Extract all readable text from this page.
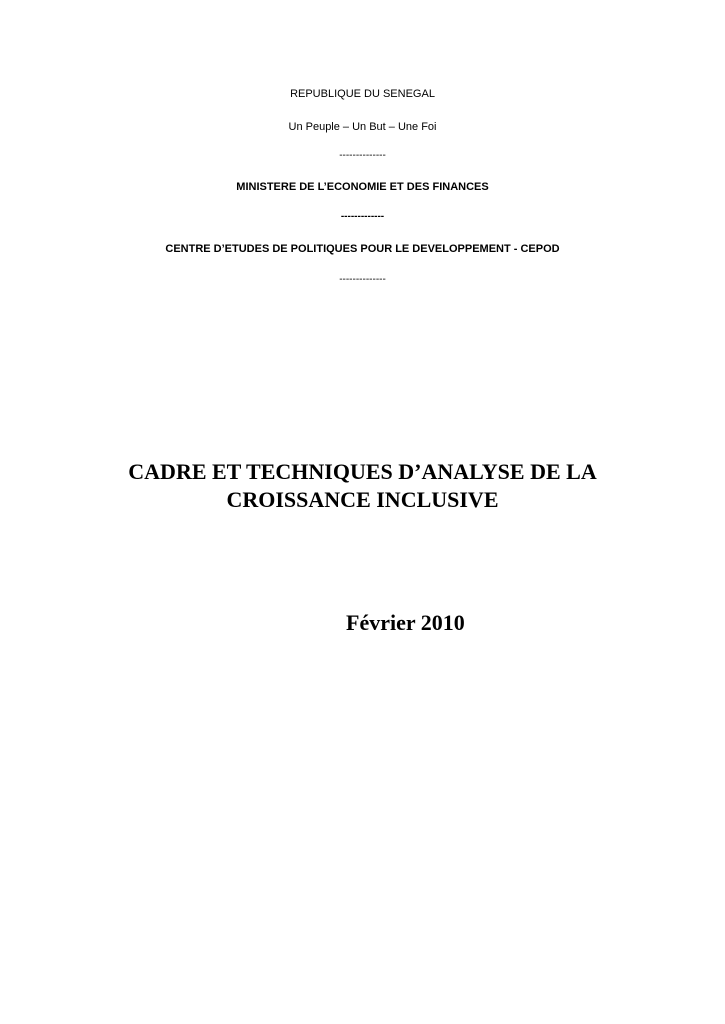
REPUBLIQUE DU SENEGAL
Un Peuple – Un But – Une Foi
--------------
MINISTERE DE L’ECONOMIE ET DES FINANCES
-------------
CENTRE D’ETUDES DE POLITIQUES POUR LE DEVELOPPEMENT - CEPOD
--------------
CADRE ET TECHNIQUES D’ANALYSE DE LA
CROISSANCE INCLUSIVE
Février 2010
